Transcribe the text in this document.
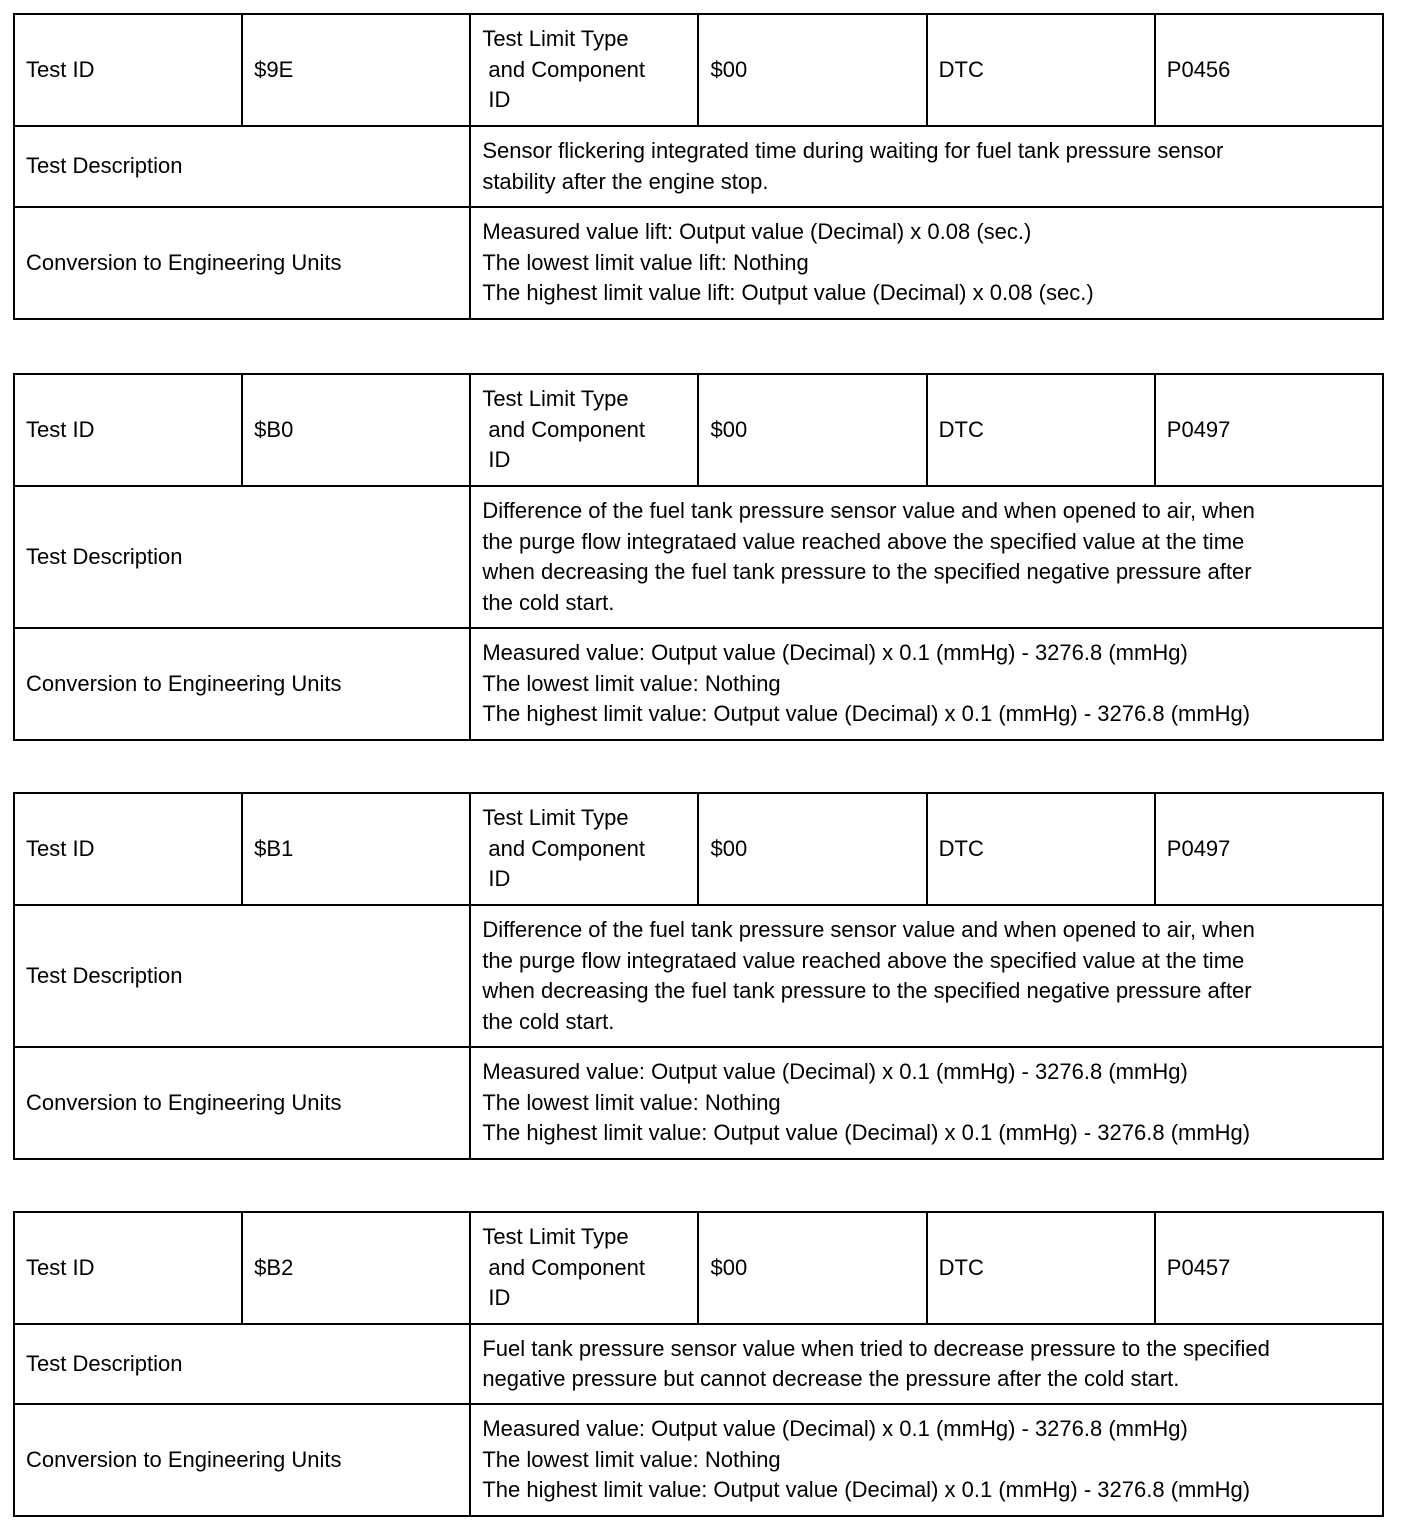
Test ID	$9E	Test Limit Type
and Component
ID	$00	DTC	P0456
Test Description		Sensor flickering integrated time during waiting for fuel tank pressure sensor
stability after the engine stop.			

Conversion to Engineering Units		Measured value lift: Output value (Decimal) x 0.08 (sec.)
The lowest limit value lift: Nothing
The highest limit value lift: Output value (Decimal) x 0.08 (sec.)			
Test ID	$B0	Test Limit Type
and Component
ID	$00	DTC	P0497
Test Description		Difference of the fuel tank pressure sensor value and when opened to air, when
the purge flow integrataed value reached above the specified value at the time
when decreasing the fuel tank pressure to the specified negative pressure after
the cold start.			

Conversion to Engineering Units		Measured value: Output value (Decimal) x 0.1 (mmHg) - 3276.8 (mmHg)
The lowest limit value: Nothing
The highest limit value: Output value (Decimal) x 0.1 (mmHg) - 3276.8 (mmHg)			
Test ID	$B1	Test Limit Type
and Component
ID	$00	DTC	P0497
Test Description		Difference of the fuel tank pressure sensor value and when opened to air, when
the purge flow integrataed value reached above the specified value at the time
when decreasing the fuel tank pressure to the specified negative pressure after
the cold start.			

Conversion to Engineering Units		Measured value: Output value (Decimal) x 0.1 (mmHg) - 3276.8 (mmHg)
The lowest limit value: Nothing
The highest limit value: Output value (Decimal) x 0.1 (mmHg) - 3276.8 (mmHg)			
Test ID	$B2	Test Limit Type
and Component
ID	$00	DTC	P0457
Test Description		Fuel tank pressure sensor value when tried to decrease pressure to the specified
negative pressure but cannot decrease the pressure after the cold start.			

Conversion to Engineering Units		Measured value: Output value (Decimal) x 0.1 (mmHg) - 3276.8 (mmHg)
The lowest limit value: Nothing
The highest limit value: Output value (Decimal) x 0.1 (mmHg) - 3276.8 (mmHg)			
